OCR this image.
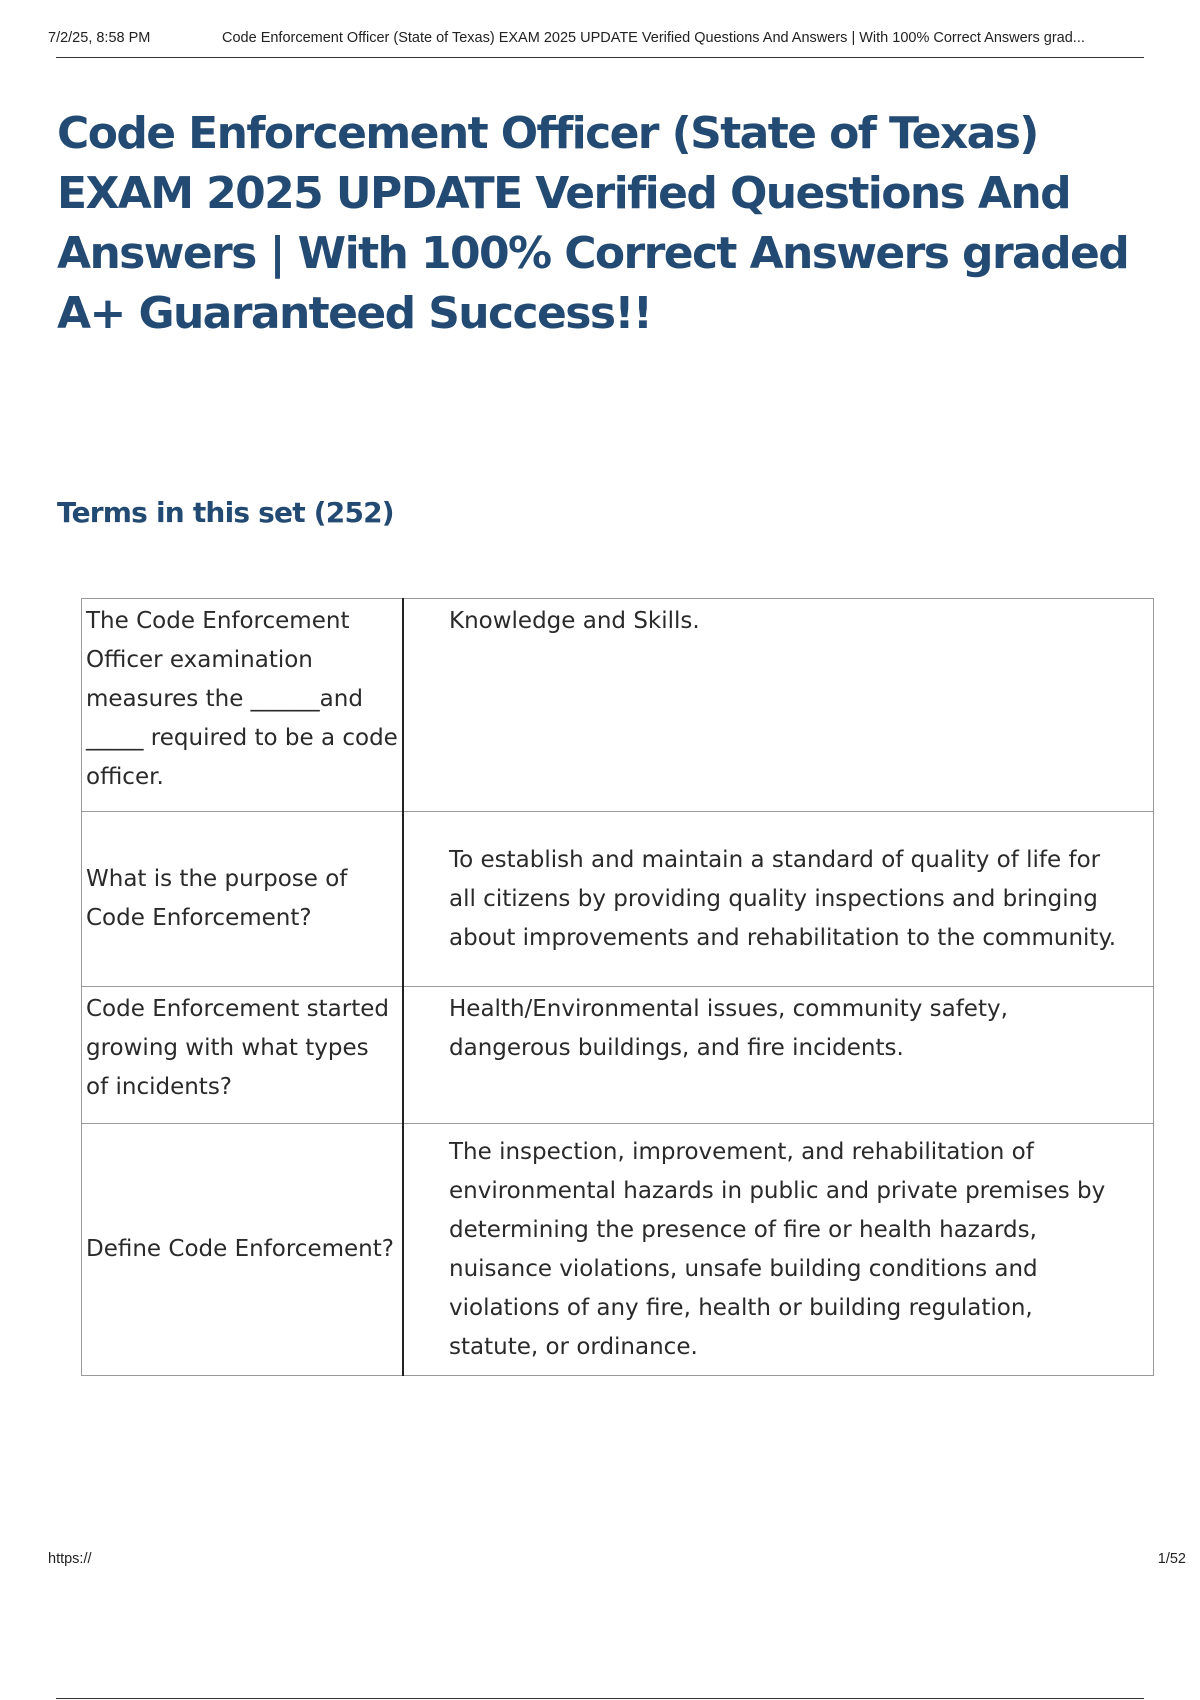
7/2/25, 8:58 PM	Code Enforcement Officer (State of Texas) EXAM 2025 UPDATE Verified Questions And Answers | With 100% Correct Answers grad...
Code Enforcement Officer (State of Texas) EXAM 2025 UPDATE Verified Questions And Answers | With 100% Correct Answers graded A+ Guaranteed Success!!
Terms in this set (252)
The Code Enforcement Officer examination measures the ______and _____ required to be a code officer.	Knowledge and Skills.
What is the purpose of Code Enforcement?	To establish and maintain a standard of quality of life for all citizens by providing quality inspections and bringing about improvements and rehabilitation to the community.
Code Enforcement started growing with what types of incidents?	Health/Environmental issues, community safety, dangerous buildings, and fire incidents.
Define Code Enforcement?	The inspection, improvement, and rehabilitation of environmental hazards in public and private premises by determining the presence of fire or health hazards, nuisance violations, unsafe building conditions and violations of any fire, health or building regulation, statute, or ordinance.
https://	1/52
